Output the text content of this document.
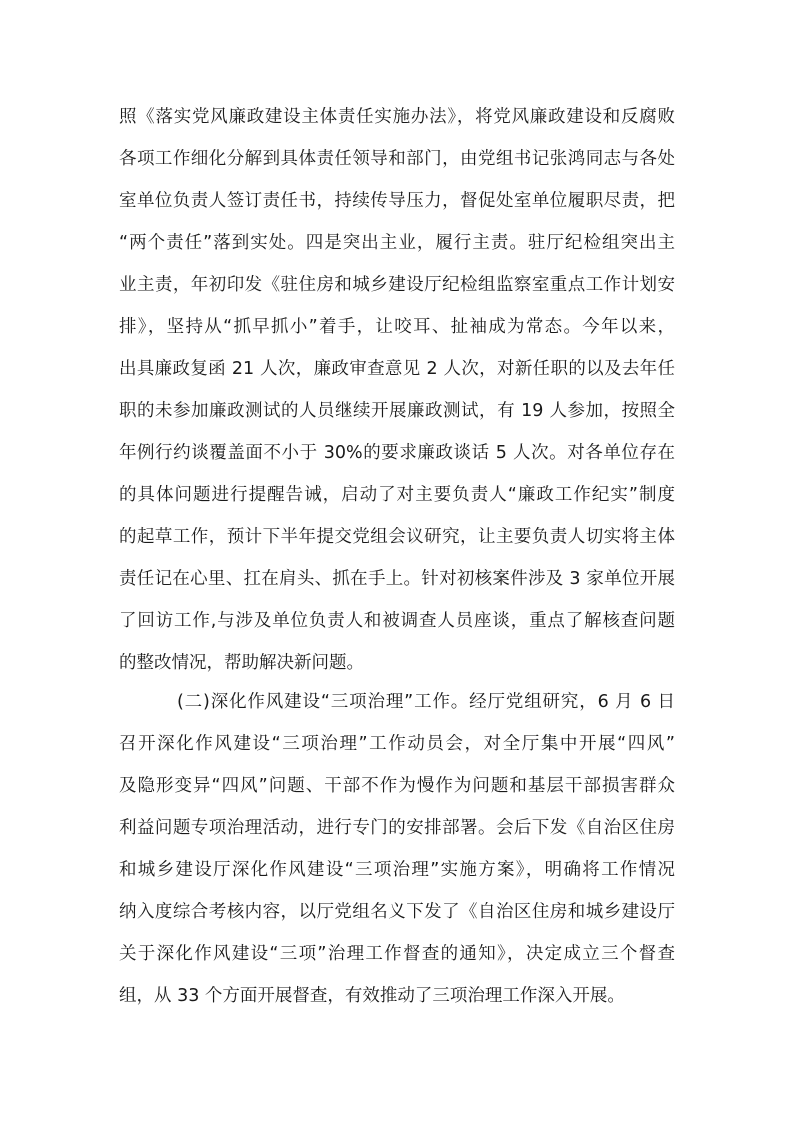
照《落实党风廉政建设主体责任实施办法》，将党风廉政建设和反腐败
各项工作细化分解到具体责任领导和部门，由党组书记张鸿同志与各处
室单位负责人签订责任书，持续传导压力，督促处室单位履职尽责，把
“两个责任”落到实处。四是突出主业，履行主责。驻厅纪检组突出主
业主责，年初印发《驻住房和城乡建设厅纪检组监察室重点工作计划安
排》，坚持从“抓早抓小”着手，让咬耳、扯袖成为常态。今年以来，
出具廉政复函 21 人次，廉政审查意见 2 人次，对新任职的以及去年任
职的未参加廉政测试的人员继续开展廉政测试，有 19 人参加，按照全
年例行约谈覆盖面不小于 30%的要求廉政谈话 5 人次。对各单位存在
的具体问题进行提醒告诫，启动了对主要负责人“廉政工作纪实”制度
的起草工作，预计下半年提交党组会议研究，让主要负责人切实将主体
责任记在心里、扛在肩头、抓在手上。针对初核案件涉及 3 家单位开展
了回访工作,与涉及单位负责人和被调查人员座谈，重点了解核查问题
的整改情况，帮助解决新问题。
(二)深化作风建设“三项治理”工作。经厅党组研究，6 月 6 日
召开深化作风建设“三项治理”工作动员会，对全厅集中开展“四风”
及隐形变异“四风”问题、干部不作为慢作为问题和基层干部损害群众
利益问题专项治理活动，进行专门的安排部署。会后下发《自治区住房
和城乡建设厅深化作风建设“三项治理”实施方案》，明确将工作情况
纳入度综合考核内容，以厅党组名义下发了《自治区住房和城乡建设厅
关于深化作风建设“三项”治理工作督查的通知》，决定成立三个督查
组，从 33 个方面开展督查，有效推动了三项治理工作深入开展。
